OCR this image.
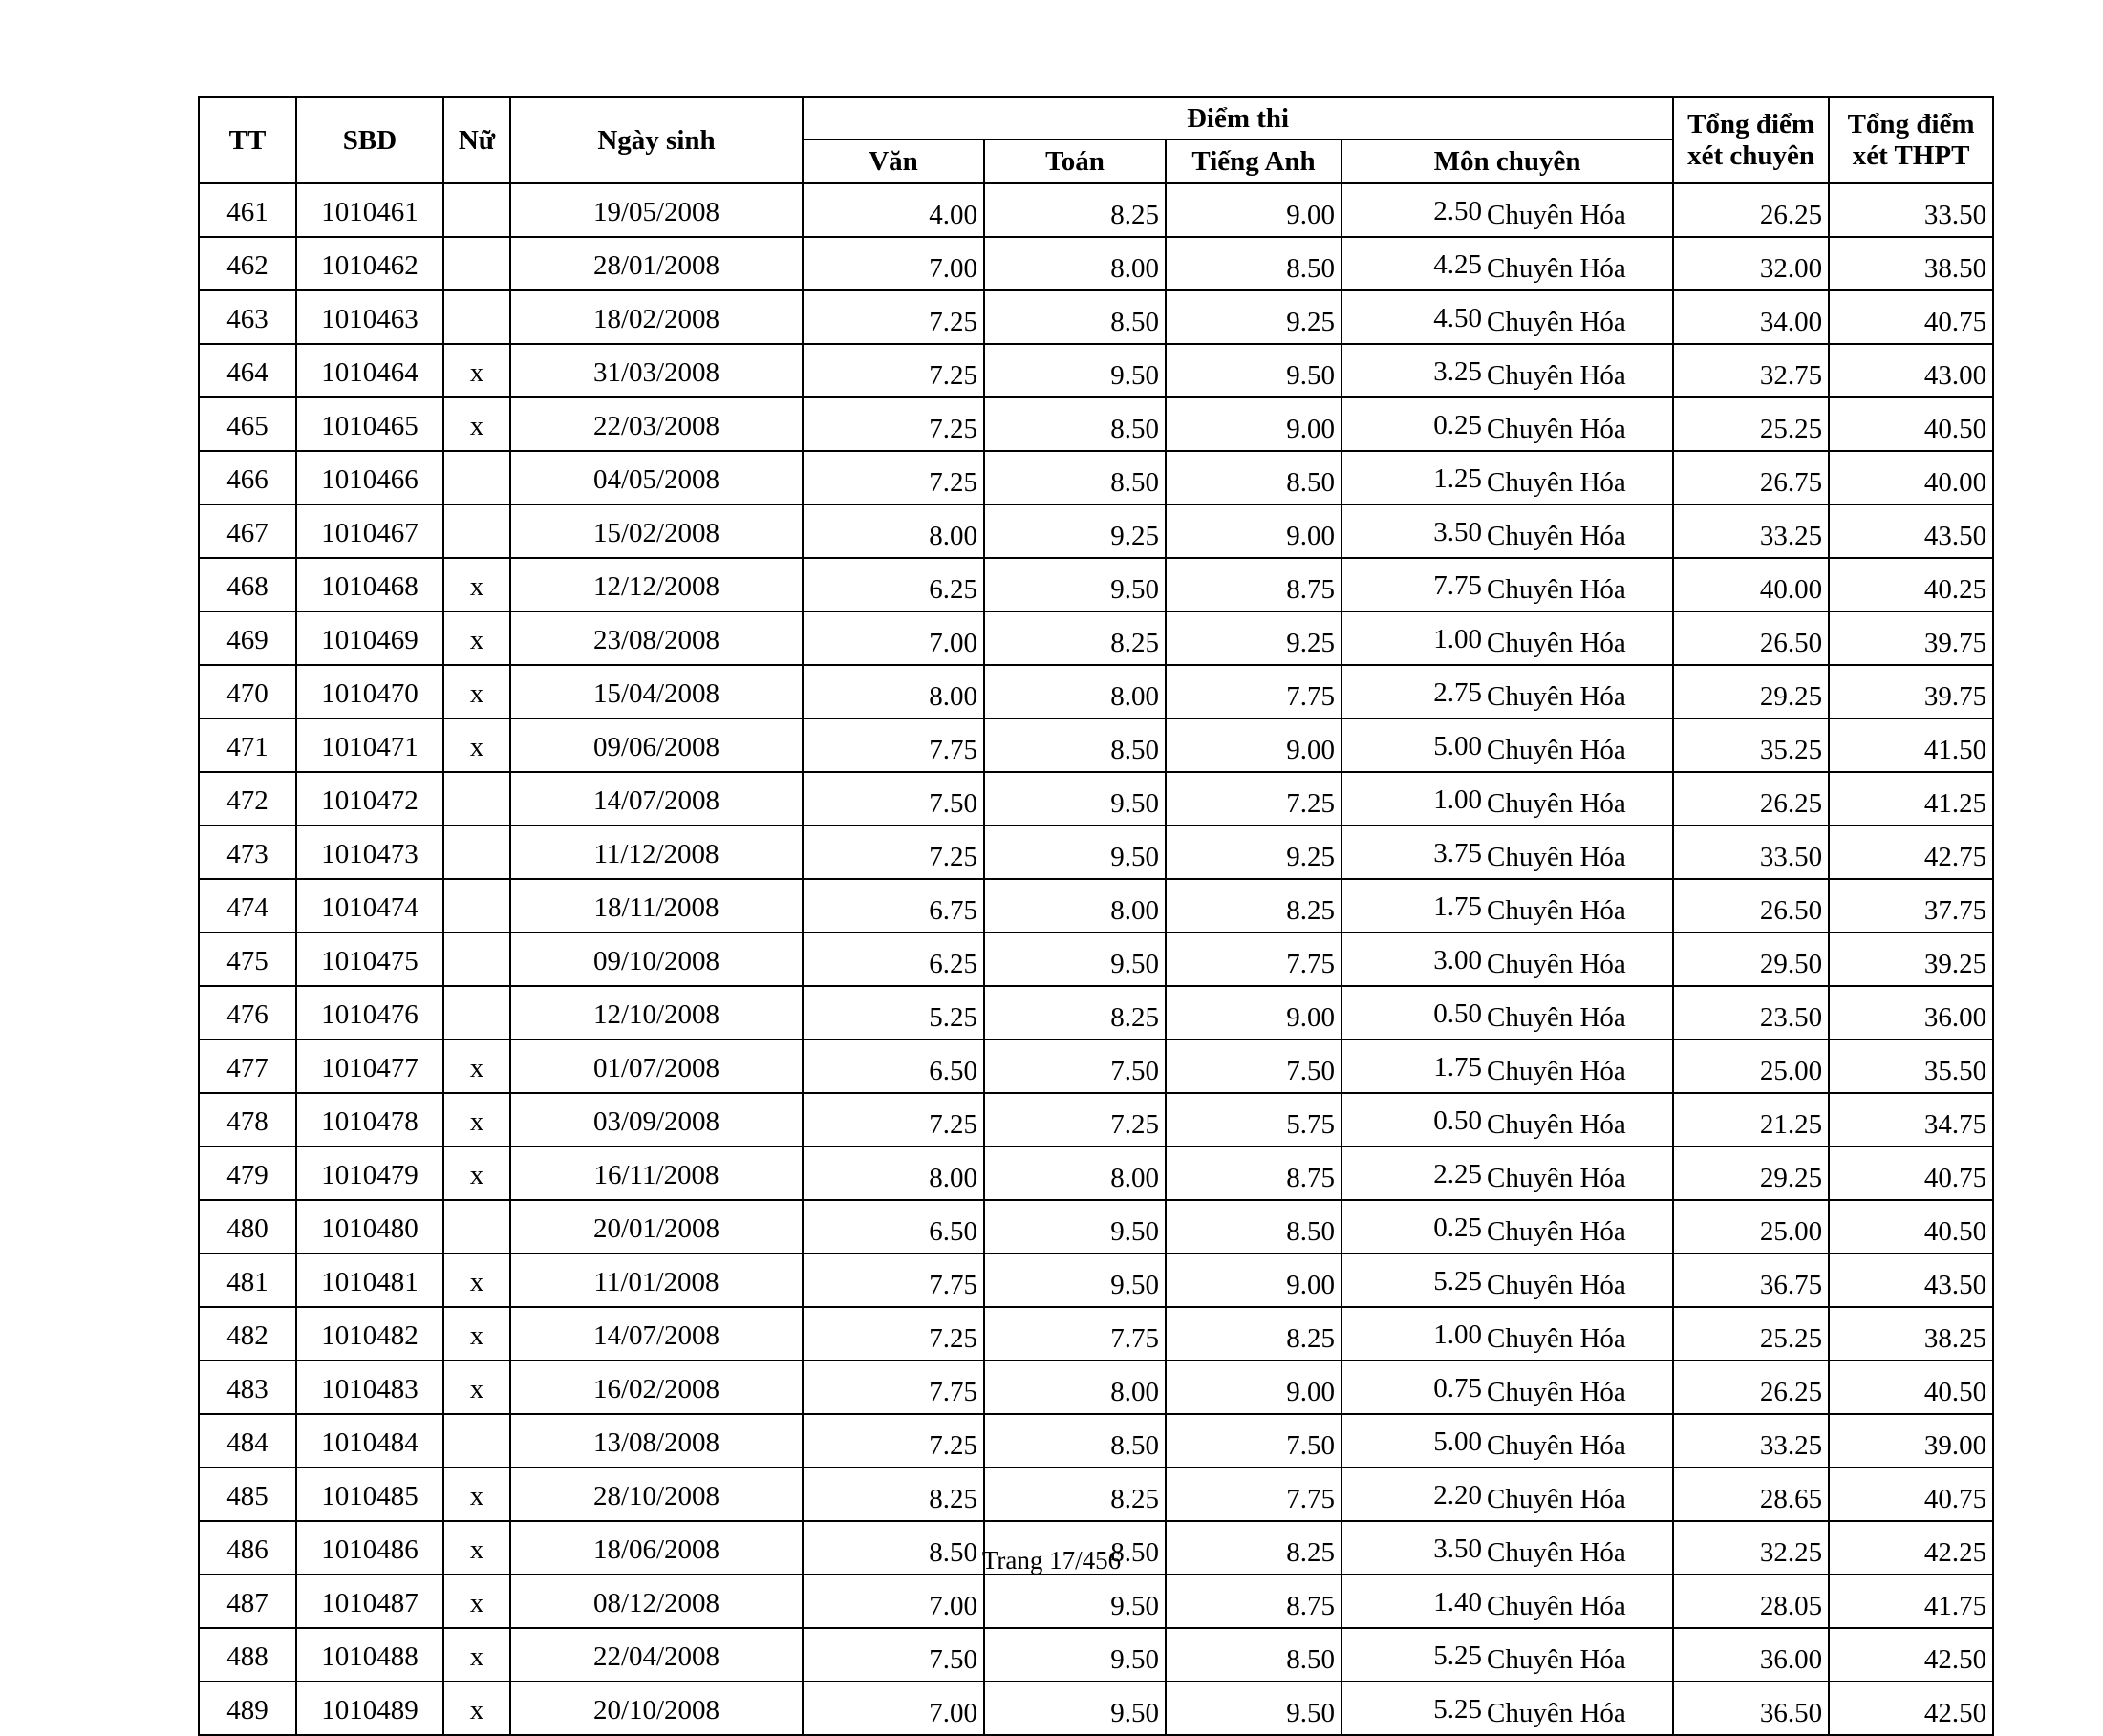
TT	SBD	Nữ	Ngày sinh	Điểm thi					Tổng điểm xét chuyên	Tổng điểm xét THPT
				Văn	Toán	Tiếng Anh	Môn chuyên			
461	1010461		19/05/2008	4.00	8.25	9.00	2.50	Chuyên Hóa	26.25	33.50
462	1010462		28/01/2008	7.00	8.00	8.50	4.25	Chuyên Hóa	32.00	38.50
463	1010463		18/02/2008	7.25	8.50	9.25	4.50	Chuyên Hóa	34.00	40.75
464	1010464	x	31/03/2008	7.25	9.50	9.50	3.25	Chuyên Hóa	32.75	43.00
465	1010465	x	22/03/2008	7.25	8.50	9.00	0.25	Chuyên Hóa	25.25	40.50
466	1010466		04/05/2008	7.25	8.50	8.50	1.25	Chuyên Hóa	26.75	40.00
467	1010467		15/02/2008	8.00	9.25	9.00	3.50	Chuyên Hóa	33.25	43.50
468	1010468	x	12/12/2008	6.25	9.50	8.75	7.75	Chuyên Hóa	40.00	40.25
469	1010469	x	23/08/2008	7.00	8.25	9.25	1.00	Chuyên Hóa	26.50	39.75
470	1010470	x	15/04/2008	8.00	8.00	7.75	2.75	Chuyên Hóa	29.25	39.75
471	1010471	x	09/06/2008	7.75	8.50	9.00	5.00	Chuyên Hóa	35.25	41.50
472	1010472		14/07/2008	7.50	9.50	7.25	1.00	Chuyên Hóa	26.25	41.25
473	1010473		11/12/2008	7.25	9.50	9.25	3.75	Chuyên Hóa	33.50	42.75
474	1010474		18/11/2008	6.75	8.00	8.25	1.75	Chuyên Hóa	26.50	37.75
475	1010475		09/10/2008	6.25	9.50	7.75	3.00	Chuyên Hóa	29.50	39.25
476	1010476		12/10/2008	5.25	8.25	9.00	0.50	Chuyên Hóa	23.50	36.00
477	1010477	x	01/07/2008	6.50	7.50	7.50	1.75	Chuyên Hóa	25.00	35.50
478	1010478	x	03/09/2008	7.25	7.25	5.75	0.50	Chuyên Hóa	21.25	34.75
479	1010479	x	16/11/2008	8.00	8.00	8.75	2.25	Chuyên Hóa	29.25	40.75
480	1010480		20/01/2008	6.50	9.50	8.50	0.25	Chuyên Hóa	25.00	40.50
481	1010481	x	11/01/2008	7.75	9.50	9.00	5.25	Chuyên Hóa	36.75	43.50
482	1010482	x	14/07/2008	7.25	7.75	8.25	1.00	Chuyên Hóa	25.25	38.25
483	1010483	x	16/02/2008	7.75	8.00	9.00	0.75	Chuyên Hóa	26.25	40.50
484	1010484		13/08/2008	7.25	8.50	7.50	5.00	Chuyên Hóa	33.25	39.00
485	1010485	x	28/10/2008	8.25	8.25	7.75	2.20	Chuyên Hóa	28.65	40.75
486	1010486	x	18/06/2008	8.50	8.50	8.25	3.50	Chuyên Hóa	32.25	42.25
487	1010487	x	08/12/2008	7.00	9.50	8.75	1.40	Chuyên Hóa	28.05	41.75
488	1010488	x	22/04/2008	7.50	9.50	8.50	5.25	Chuyên Hóa	36.00	42.50
489	1010489	x	20/10/2008	7.00	9.50	9.50	5.25	Chuyên Hóa	36.50	42.50
Trang 17/456
